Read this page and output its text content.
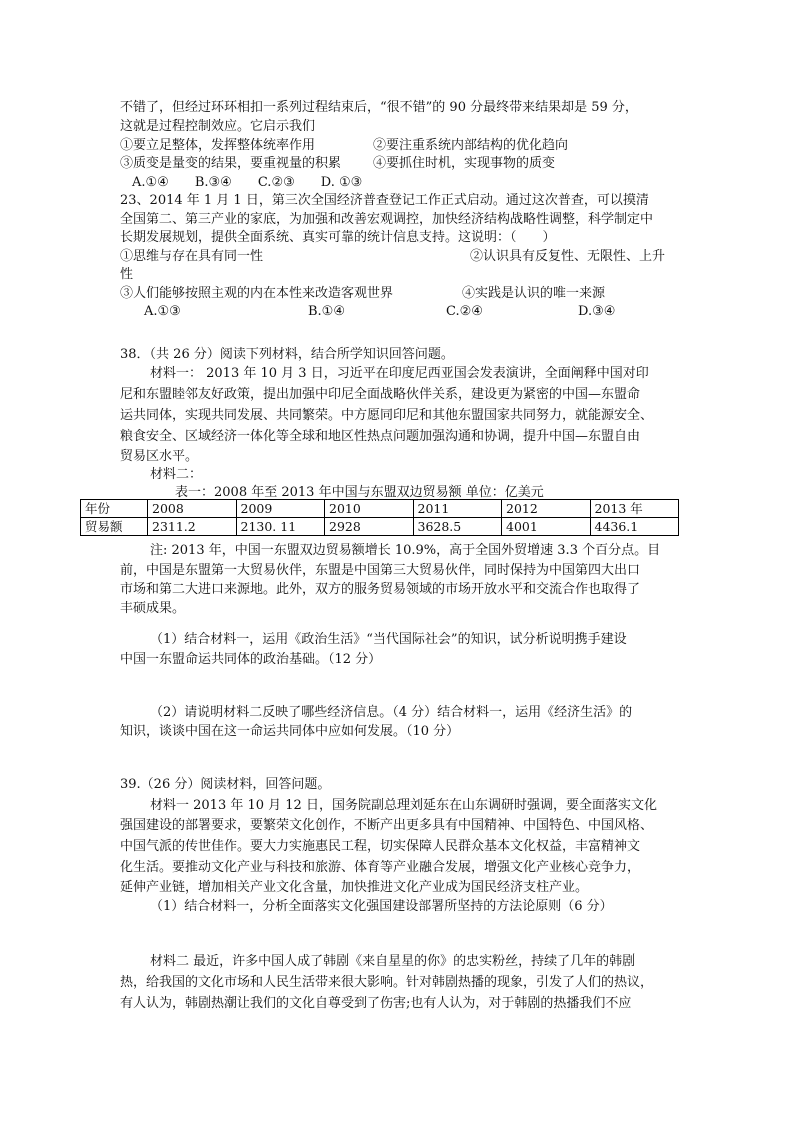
不错了，但经过环环相扣一系列过程结束后，“很不错”的 90 分最终带来结果却是 59 分，
这就是过程控制效应。它启示我们
①要立足整体，发挥整体统率作用	②要注重系统内部结构的优化趋向
③质变是量变的结果，要重视量的积累 ④要抓住时机，实现事物的质变
A.①④　　B.③④　　C.②③　　D. ①③
23、2014 年 1 月 1 日，第三次全国经济普查登记工作正式启动。通过这次普查，可以摸清
全国第二、第三产业的家底，为加强和改善宏观调控，加快经济结构战略性调整，科学制定中
长期发展规划，提供全面系统、真实可靠的统计信息支持。这说明：（　　）
①思维与存在具有同一性	②认识具有反复性、无限性、上升
性
③人们能够按照主观的内在本性来改造客观世界	④实践是认识的唯一来源
A.①③	B.①④	C.②④	D.③④
38．（共 26 分）阅读下列材料，结合所学知识回答问题。
材料一： 2013 年 10 月 3 日，习近平在印度尼西亚国会发表演讲，全面阐释中国对印
尼和东盟睦邻友好政策，提出加强中印尼全面战略伙伴关系，建设更为紧密的中国—东盟命
运共同体，实现共同发展、共同繁荣。中方愿同印尼和其他东盟国家共同努力，就能源安全、
粮食安全、区域经济一体化等全球和地区性热点问题加强沟通和协调，提升中国—东盟自由
贸易区水平。
材料二：
表一：2008 年至 2013 年中国与东盟双边贸易额 单位：亿美元
年份	2008	2009	2010	2011	2012	2013 年
贸易额	2311.2	2130. 11	2928	3628.5	4001	4436.1
注: 2013 年，中国一东盟双边贸易额增长 10.9%，高于全国外贸增速 3.3 个百分点。目
前，中国是东盟第一大贸易伙伴，东盟是中国第三大贸易伙伴，同时保持为中国第四大出口
市场和第二大进口来源地。此外，双方的服务贸易领域的市场开放水平和交流合作也取得了
丰硕成果。
（1）结合材料一，运用《政治生活》“当代国际社会”的知识，试分析说明携手建设
中国一东盟命运共同体的政治基础。（12 分）
（2）请说明材料二反映了哪些经济信息。（4 分）结合材料一，运用《经济生活》的
知识，谈谈中国在这一命运共同体中应如何发展。（10 分）
39.（26 分）阅读材料，回答问题。
材料一 2013 年 10 月 12 日，国务院副总理刘延东在山东调研时强调，要全面落实文化
强国建设的部署要求，要繁荣文化创作，不断产出更多具有中国精神、中国特色、中国风格、
中国气派的传世佳作。要大力实施惠民工程，切实保障人民群众基本文化权益，丰富精神文
化生活。要推动文化产业与科技和旅游、体育等产业融合发展，增强文化产业核心竞争力，
延伸产业链，增加相关产业文化含量，加快推进文化产业成为国民经济支柱产业。
（1）结合材料一，分析全面落实文化强国建设部署所坚持的方法论原则（6 分）
材料二 最近，许多中国人成了韩剧《来自星星的你》的忠实粉丝，持续了几年的韩剧
热，给我国的文化市场和人民生活带来很大影响。针对韩剧热播的现象，引发了人们的热议，
有人认为，韩剧热潮让我们的文化自尊受到了伤害;也有人认为，对于韩剧的热播我们不应
